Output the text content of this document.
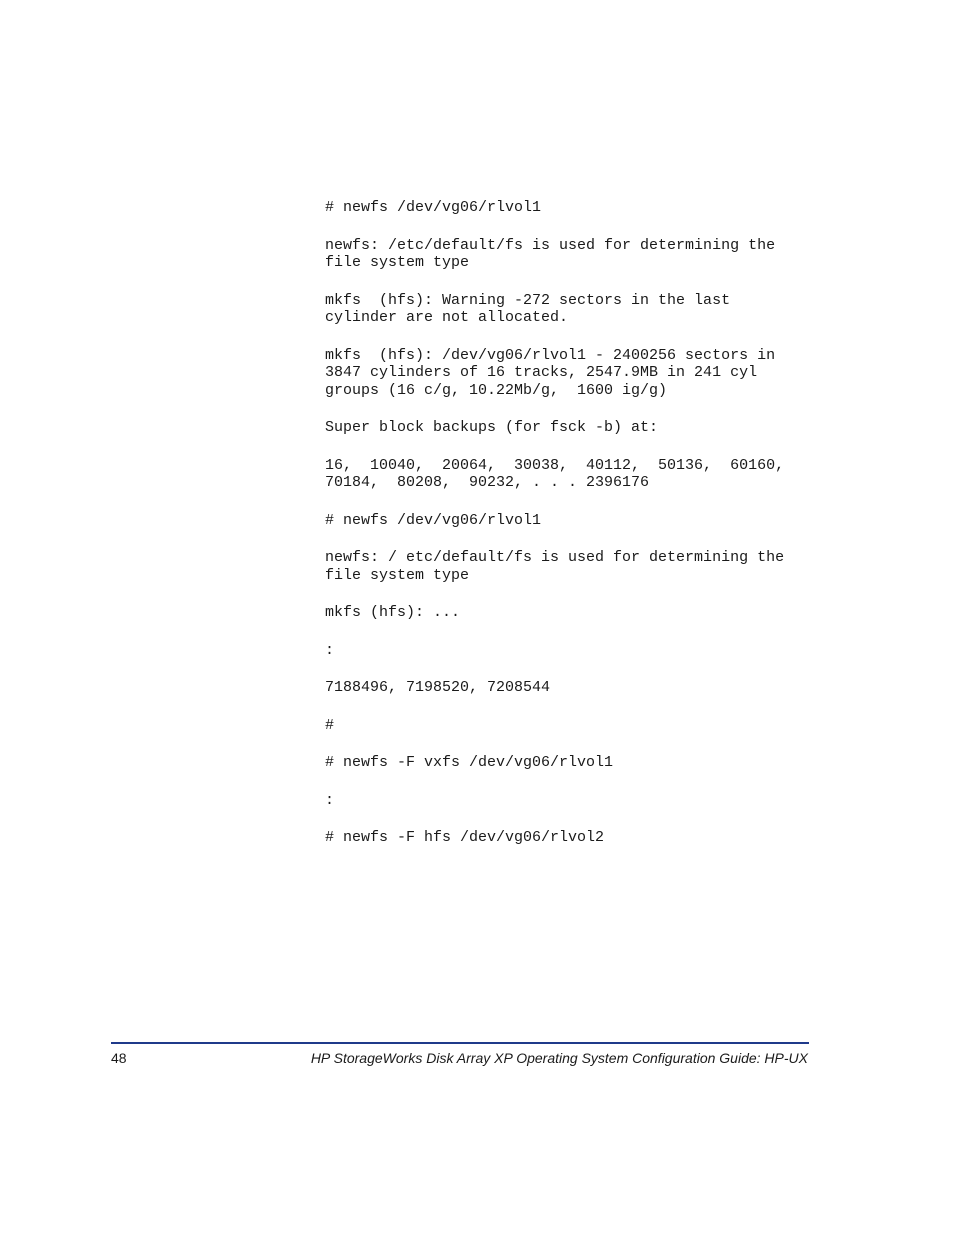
# newfs /dev/vg06/rlvol1
newfs: /etc/default/fs is used for determining the
file system type
mkfs  (hfs): Warning -272 sectors in the last
cylinder are not allocated.
mkfs  (hfs): /dev/vg06/rlvol1 - 2400256 sectors in
3847 cylinders of 16 tracks, 2547.9MB in 241 cyl
groups (16 c/g, 10.22Mb/g,  1600 ig/g)
Super block backups (for fsck -b) at:
16,  10040,  20064,  30038,  40112,  50136,  60160,
70184,  80208,  90232, . . . 2396176
# newfs /dev/vg06/rlvol1
newfs: / etc/default/fs is used for determining the
file system type
mkfs (hfs): ...
:
7188496, 7198520, 7208544
#
# newfs -F vxfs /dev/vg06/rlvol1
:
# newfs -F hfs /dev/vg06/rlvol2
48	HP StorageWorks Disk Array XP Operating System Configuration Guide: HP-UX
